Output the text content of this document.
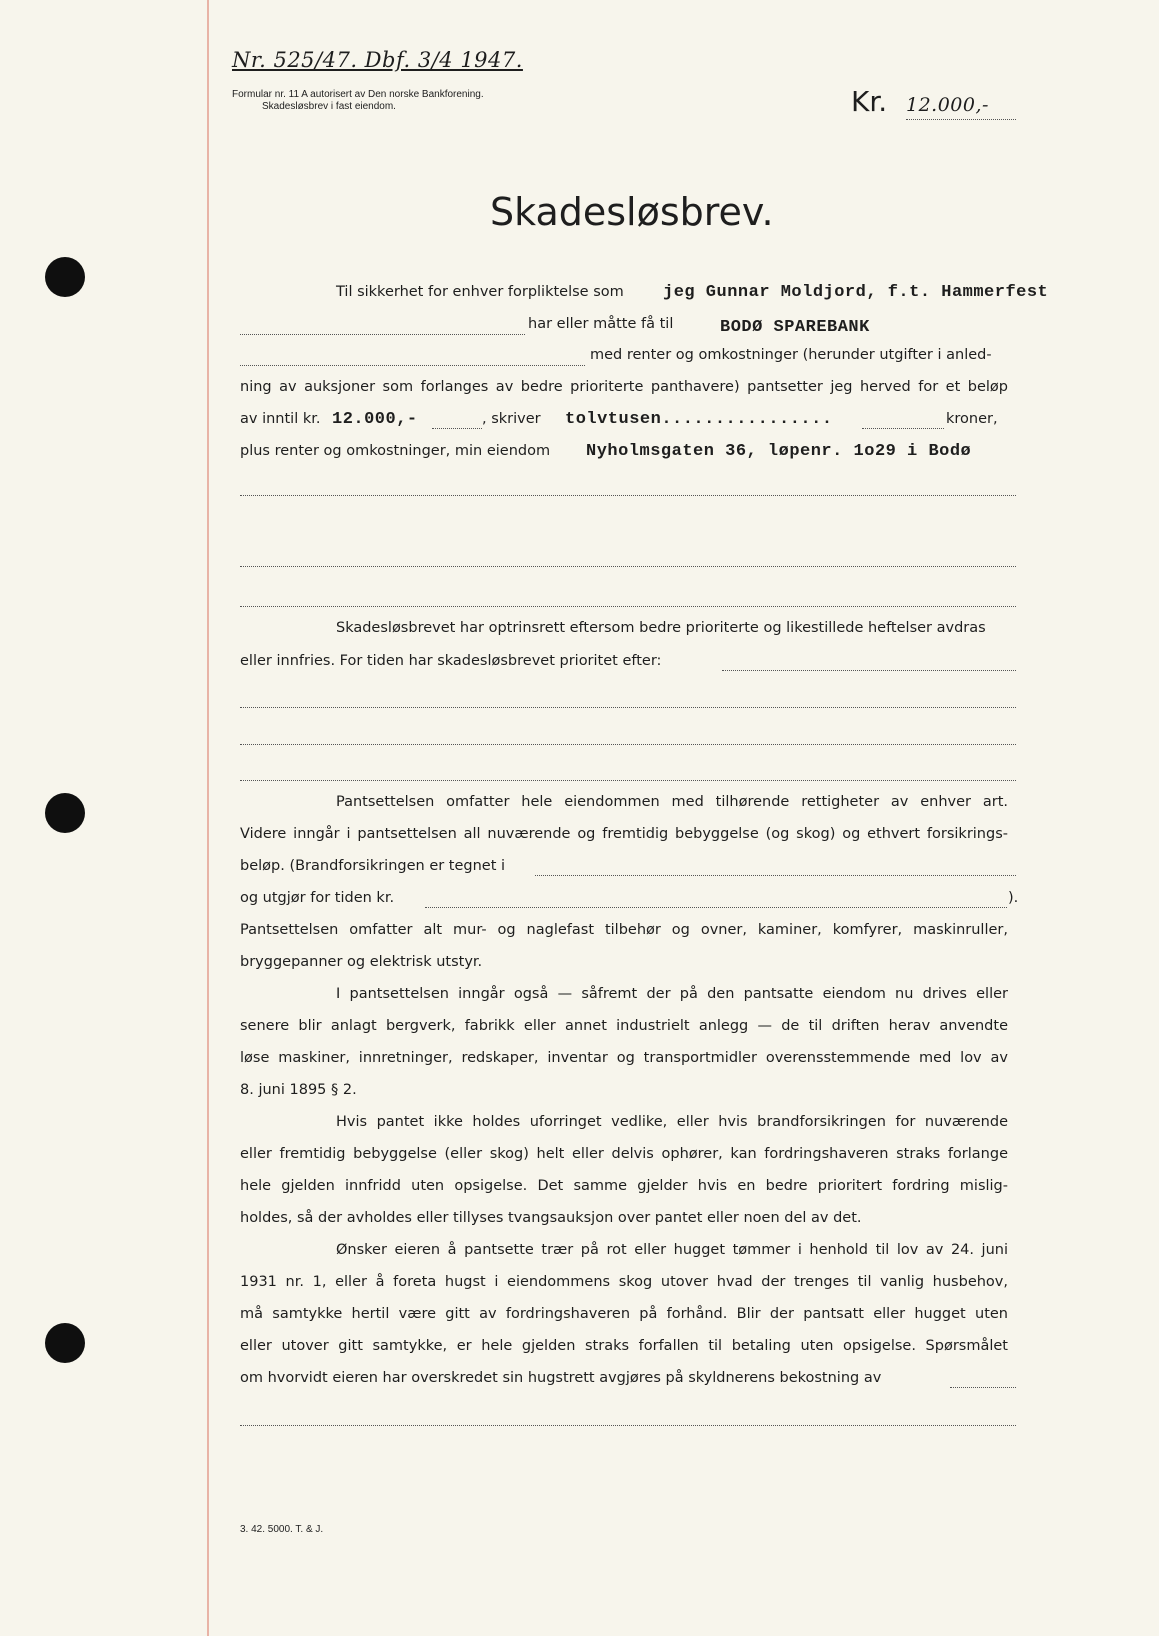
Nr. 525/47. Dbf. 3/4 1947.
Formular nr. 11 A autorisert av Den norske Bankforening.
Skadesløsbrev i fast eiendom.	Kr. 12.000,-
Skadesløsbrev.
Til sikkerhet for enhver forpliktelse som jeg Gunnar Moldjord, f.t. Hammerfest
har eller måtte få til	BODØ SPAREBANK
med renter og omkostninger (herunder utgifter i anled-
ning av auksjoner som forlanges av bedre prioriterte panthavere) pantsetter jeg herved for et beløp
av inntil kr. 12.000,-	, skriver tolvtusen................	kroner,
plus renter og omkostninger, min eiendom Nyholmsgaten 36, løpenr. 1o29 i Bodø
Skadesløsbrevet har optrinsrett eftersom bedre prioriterte og likestillede heftelser avdras
eller innfries. For tiden har skadesløsbrevet prioritet efter:
Pantsettelsen omfatter hele eiendommen med tilhørende rettigheter av enhver art.
Videre inngår i pantsettelsen all nuværende og fremtidig bebyggelse (og skog) og ethvert forsikrings-
beløp. (Brandforsikringen er tegnet i
og utgjør for tiden kr.	).
Pantsettelsen omfatter alt mur- og naglefast tilbehør og ovner, kaminer, komfyrer, maskinruller,
bryggepanner og elektrisk utstyr.
I pantsettelsen inngår også — såfremt der på den pantsatte eiendom nu drives eller
senere blir anlagt bergverk, fabrikk eller annet industrielt anlegg — de til driften herav anvendte
løse maskiner, innretninger, redskaper, inventar og transportmidler overensstemmende med lov av
8. juni 1895 § 2.
Hvis pantet ikke holdes uforringet vedlike, eller hvis brandforsikringen for nuværende
eller fremtidig bebyggelse (eller skog) helt eller delvis ophører, kan fordringshaveren straks forlange
hele gjelden innfridd uten opsigelse. Det samme gjelder hvis en bedre prioritert fordring mislig-
holdes, så der avholdes eller tillyses tvangsauksjon over pantet eller noen del av det.
Ønsker eieren å pantsette trær på rot eller hugget tømmer i henhold til lov av 24. juni
1931 nr. 1, eller å foreta hugst i eiendommens skog utover hvad der trenges til vanlig husbehov,
må samtykke hertil være gitt av fordringshaveren på forhånd. Blir der pantsatt eller hugget uten
eller utover gitt samtykke, er hele gjelden straks forfallen til betaling uten opsigelse. Spørsmålet
om hvorvidt eieren har overskredet sin hugstrett avgjøres på skyldnerens bekostning av
3. 42. 5000. T. & J.
